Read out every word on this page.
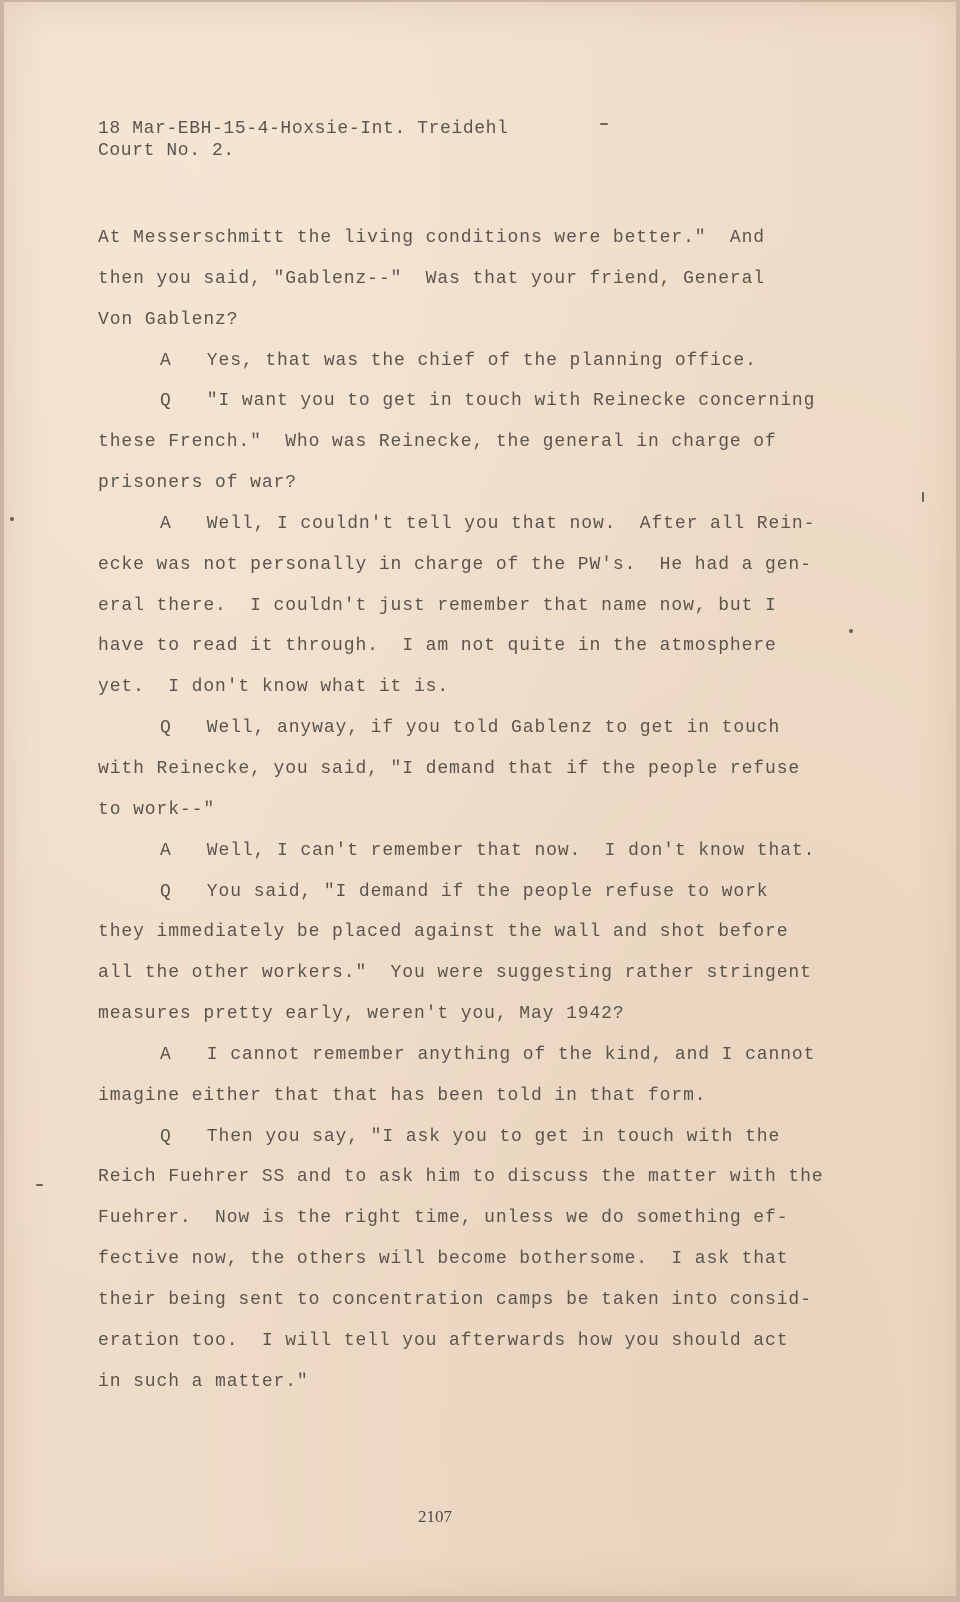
18 Mar-EBH-15-4-Hoxsie-Int. Treidehl
Court No. 2.
At Messerschmitt the living conditions were better."  And
then you said, "Gablenz--"  Was that your friend, General
Von Gablenz?
A   Yes, that was the chief of the planning office.
Q   "I want you to get in touch with Reinecke concerning
these French."  Who was Reinecke, the general in charge of
prisoners of war?
A   Well, I couldn't tell you that now.  After all Rein-
ecke was not personally in charge of the PW's.  He had a gen-
eral there.  I couldn't just remember that name now, but I
have to read it through.  I am not quite in the atmosphere
yet.  I don't know what it is.
Q   Well, anyway, if you told Gablenz to get in touch
with Reinecke, you said, "I demand that if the people refuse
to work--"
A   Well, I can't remember that now.  I don't know that.
Q   You said, "I demand if the people refuse to work
they immediately be placed against the wall and shot before
all the other workers."  You were suggesting rather stringent
measures pretty early, weren't you, May 1942?
A   I cannot remember anything of the kind, and I cannot
imagine either that that has been told in that form.
Q   Then you say, "I ask you to get in touch with the
Reich Fuehrer SS and to ask him to discuss the matter with the
Fuehrer.  Now is the right time, unless we do something ef-
fective now, the others will become bothersome.  I ask that
their being sent to concentration camps be taken into consid-
eration too.  I will tell you afterwards how you should act
in such a matter."
2107
